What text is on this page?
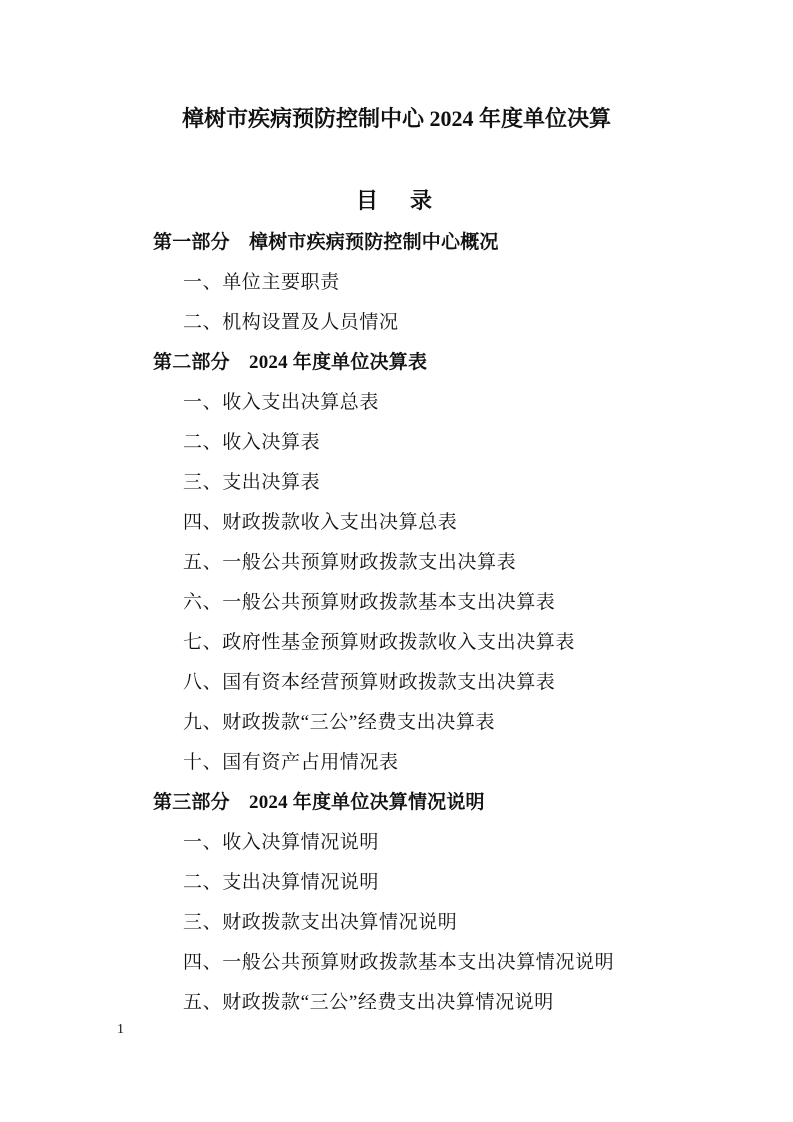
樟树市疾病预防控制中心 2024 年度单位决算
目　录
第一部分　樟树市疾病预防控制中心概况
一、单位主要职责
二、机构设置及人员情况
第二部分　2024 年度单位决算表
一、收入支出决算总表
二、收入决算表
三、支出决算表
四、财政拨款收入支出决算总表
五、一般公共预算财政拨款支出决算表
六、一般公共预算财政拨款基本支出决算表
七、政府性基金预算财政拨款收入支出决算表
八、国有资本经营预算财政拨款支出决算表
九、财政拨款“三公”经费支出决算表
十、国有资产占用情况表
第三部分　2024 年度单位决算情况说明
一、收入决算情况说明
二、支出决算情况说明
三、财政拨款支出决算情况说明
四、一般公共预算财政拨款基本支出决算情况说明
五、财政拨款“三公”经费支出决算情况说明
1
